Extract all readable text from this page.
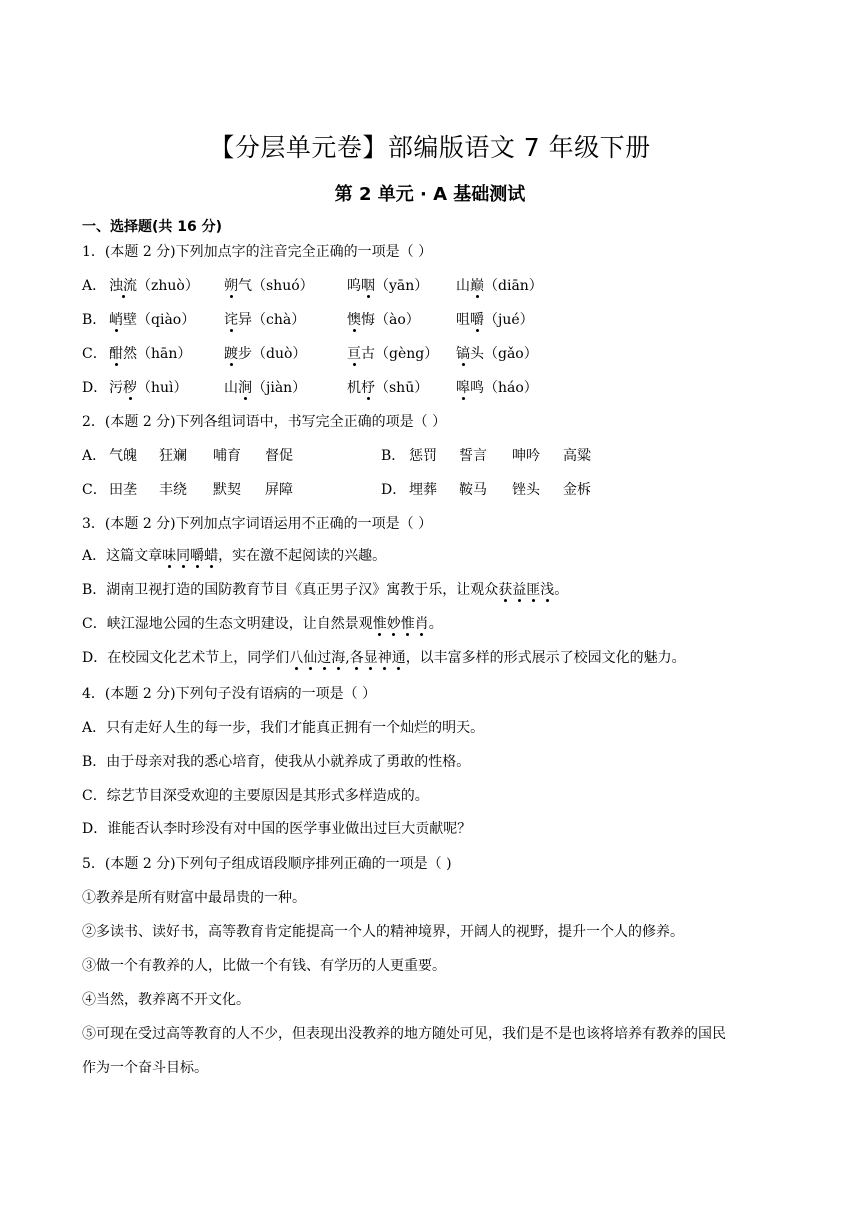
【分层单元卷】部编版语文 7 年级下册
第 2 单元 · A 基础测试
一、选择题(共 16 分)
1．(本题 2 分)下列加点字的注音完全正确的一项是（ ）
A． 浊流（zhuò） 朔气（shuó） 呜咽（yān） 山巅（diān）
B． 峭壁（qiào） 诧异（chà）	懊悔（ào）	咀嚼（jué）
C． 酣然（hān） 踱步（duò）	亘古（gèng） 镐头（gǎo）
D． 污秽（huì）	山涧（jiàn）	机杼（shū） 嗥鸣（háo）
2．(本题 2 分)下列各组词语中，书写完全正确的项是（ ）
A． 气魄 狂斓 哺育 督促	B． 惩罚 誓言 呻吟 高粱
C． 田垄 丰绕 默契 屏障	D． 埋葬 鞍马 锉头 金柝
3．(本题 2 分)下列加点字词语运用不正确的一项是（ ）
A．这篇文章味同嚼蜡，实在激不起阅读的兴趣。
B．湖南卫视打造的国防教育节目《真正男子汉》寓教于乐，让观众获益匪浅。
C．峡江湿地公园的生态文明建设，让自然景观惟妙惟肖。
D．在校园文化艺术节上，同学们八仙过海,各显神通，以丰富多样的形式展示了校园文化的魅力。
4．(本题 2 分)下列句子没有语病的一项是（ ）
A．只有走好人生的每一步，我们才能真正拥有一个灿烂的明天。
B．由于母亲对我的悉心培育，使我从小就养成了勇敢的性格。
C．综艺节目深受欢迎的主要原因是其形式多样造成的。
D．谁能否认李时珍没有对中国的医学事业做出过巨大贡献呢？
5．(本题 2 分)下列句子组成语段顺序排列正确的一项是（ )
①教养是所有财富中最昂贵的一种。
②多读书、读好书，高等教育肯定能提高一个人的精神境界，开阔人的视野，提升一个人的修养。
③做一个有教养的人，比做一个有钱、有学历的人更重要。
④当然，教养离不开文化。
⑤可现在受过高等教育的人不少，但表现出没教养的地方随处可见，我们是不是也该将培养有教养的国民
作为一个奋斗目标。
